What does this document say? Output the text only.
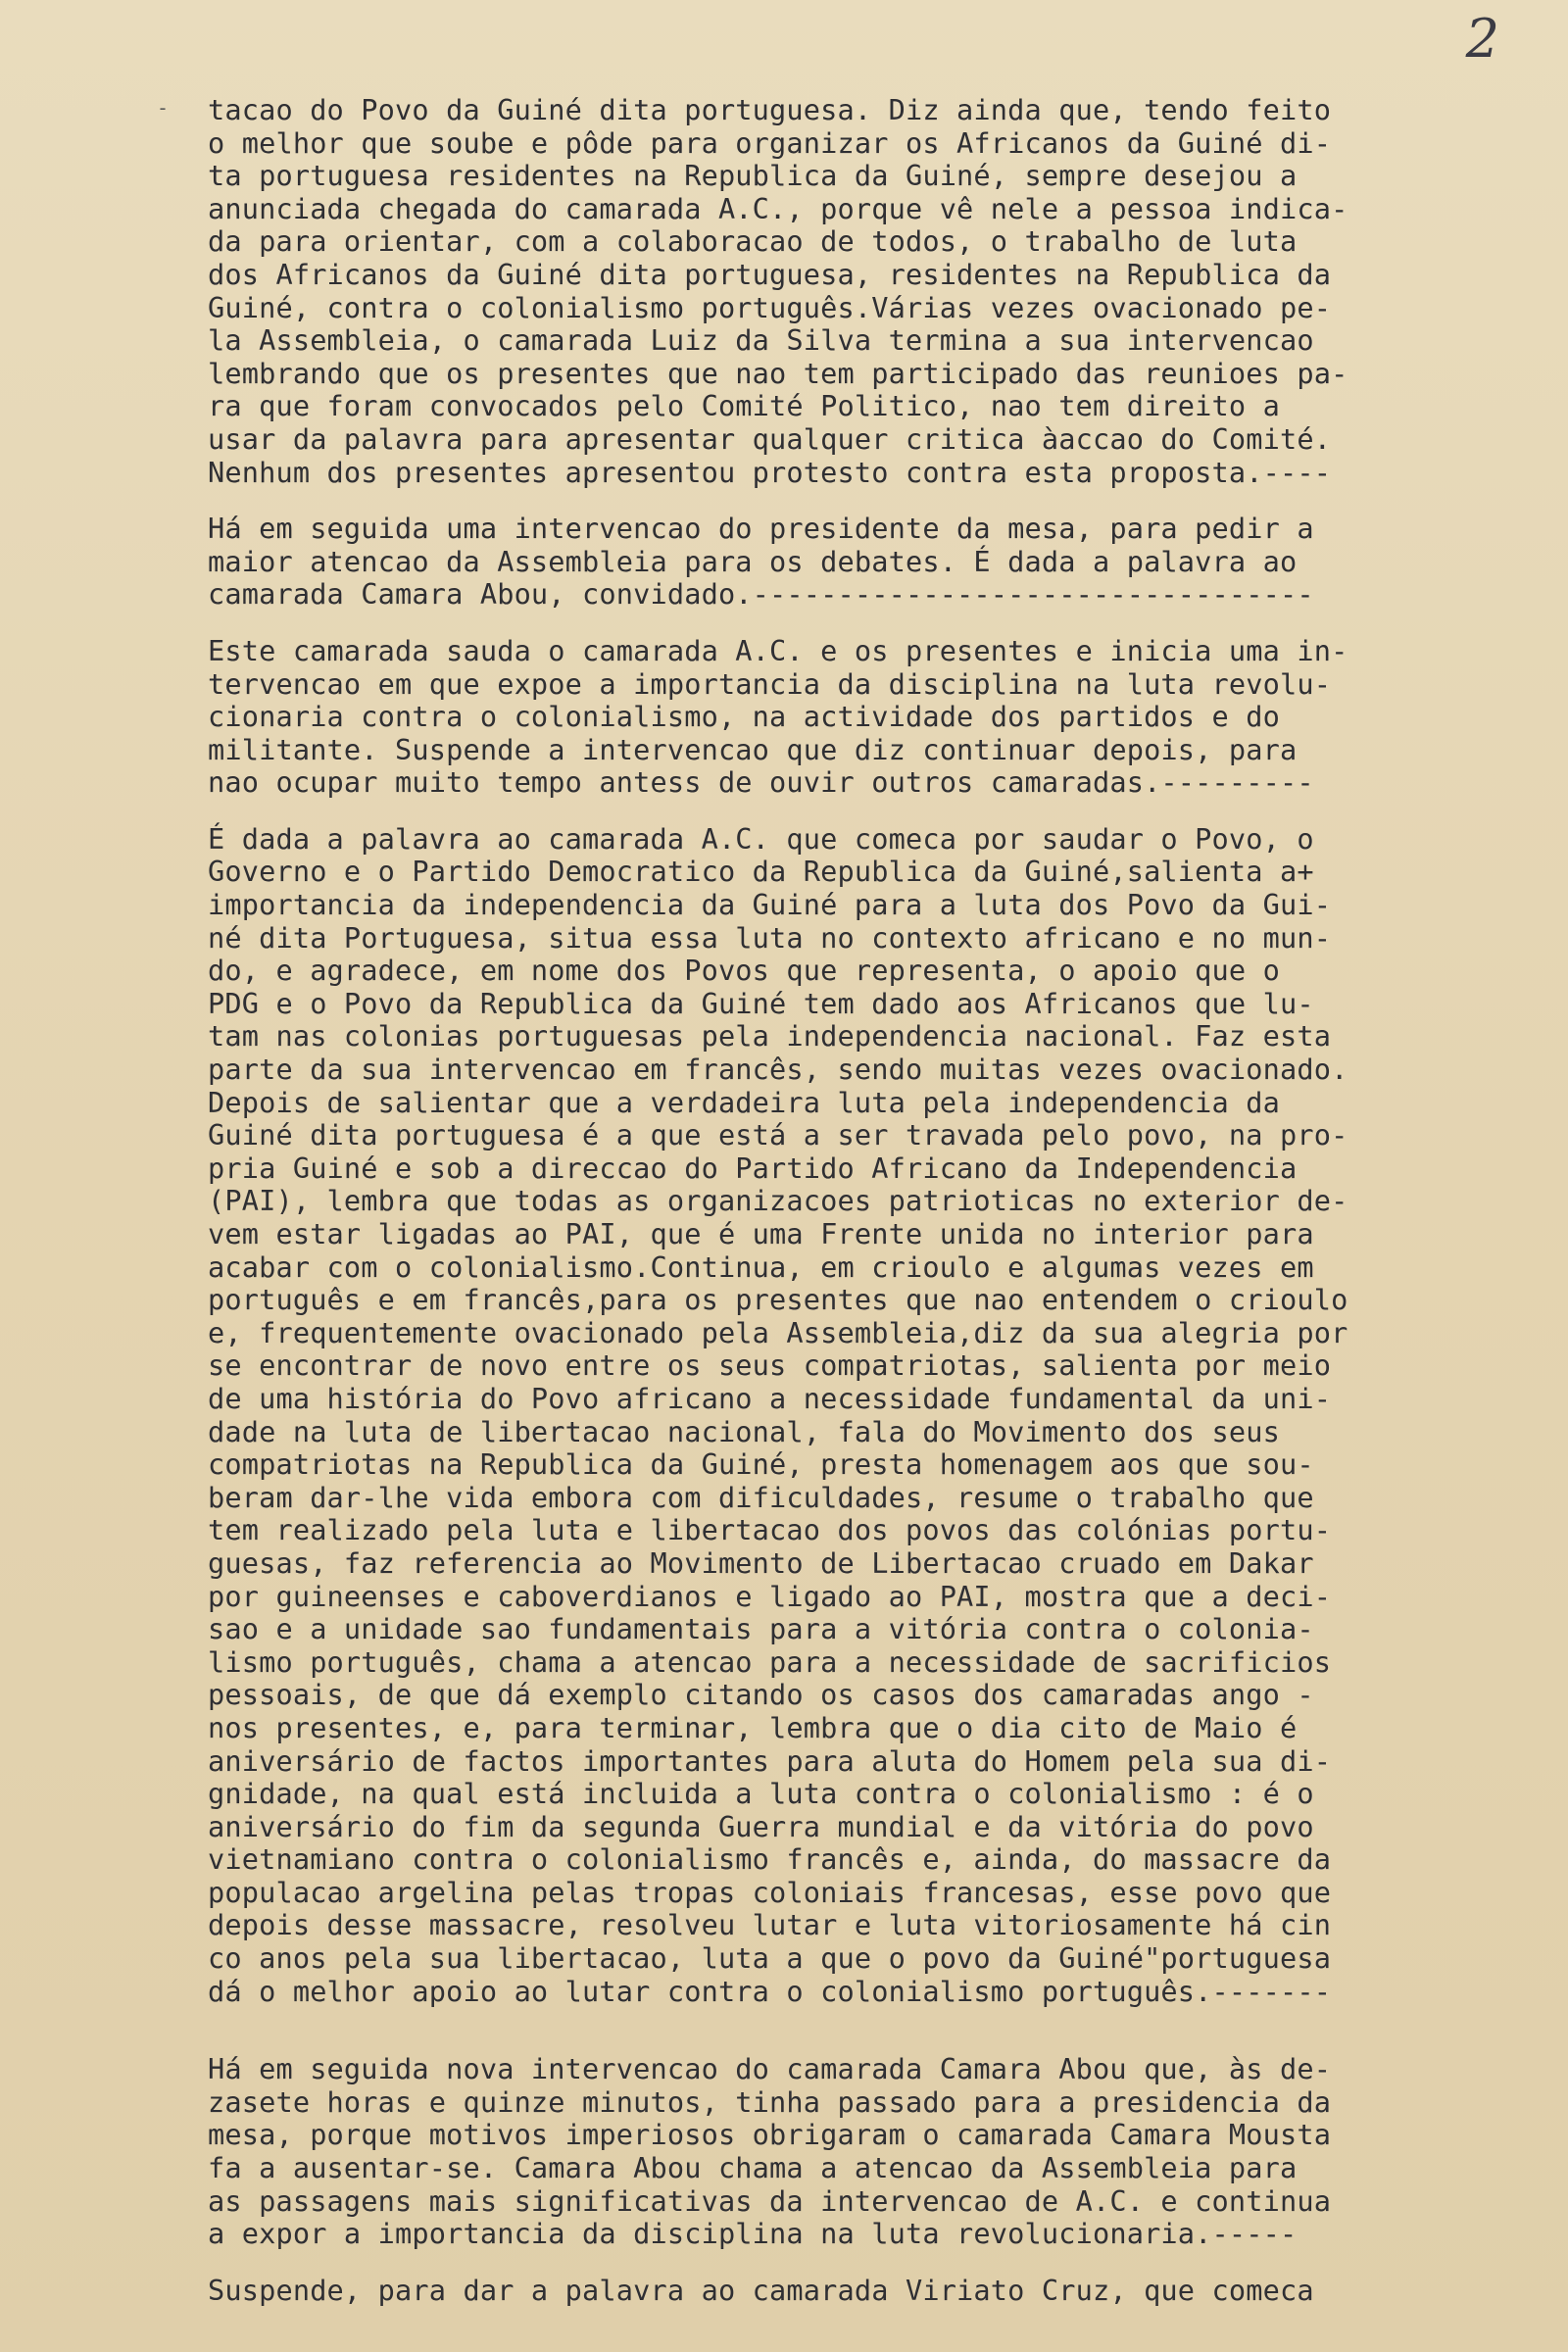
2
- tacao do Povo da Guiné dita portuguesa. Diz ainda que, tendo feito
o melhor que soube e pôde para organizar os Africanos da Guiné di-
ta portuguesa residentes na Republica da Guiné, sempre desejou a
anunciada chegada do camarada A.C., porque vê nele a pessoa indica-
da para orientar, com a colaboracao de todos, o trabalho de luta
dos Africanos da Guiné dita portuguesa, residentes na Republica da
Guiné, contra o colonialismo português.Várias vezes ovacionado pe-
la Assembleia, o camarada Luiz da Silva termina a sua intervencao
lembrando que os presentes que nao tem participado das reunioes pa-
ra que foram convocados pelo Comité Politico, nao tem direito a
usar da palavra para apresentar qualquer critica àaccao do Comité.
Nenhum dos presentes apresentou protesto contra esta proposta.----
Há em seguida uma intervencao do presidente da mesa, para pedir a
maior atencao da Assembleia para os debates. É dada a palavra ao
camarada Camara Abou, convidado.---------------------------------
Este camarada sauda o camarada A.C. e os presentes e inicia uma in-
tervencao em que expoe a importancia da disciplina na luta revolu-
cionaria contra o colonialismo, na actividade dos partidos e do
militante. Suspende a intervencao que diz continuar depois, para
nao ocupar muito tempo antess de ouvir outros camaradas.---------
É dada a palavra ao camarada A.C. que comeca por saudar o Povo, o
Governo e o Partido Democratico da Republica da Guiné,salienta a+
importancia da independencia da Guiné para a luta dos Povo da Gui-
né dita Portuguesa, situa essa luta no contexto africano e no mun-
do, e agradece, em nome dos Povos que representa, o apoio que o
PDG e o Povo da Republica da Guiné tem dado aos Africanos que lu-
tam nas colonias portuguesas pela independencia nacional. Faz esta
parte da sua intervencao em francês, sendo muitas vezes ovacionado.
Depois de salientar que a verdadeira luta pela independencia da
Guiné dita portuguesa é a que está a ser travada pelo povo, na pro-
pria Guiné e sob a direccao do Partido Africano da Independencia
(PAI), lembra que todas as organizacoes patrioticas no exterior de-
vem estar ligadas ao PAI, que é uma Frente unida no interior para
acabar com o colonialismo.Continua, em crioulo e algumas vezes em
português e em francês,para os presentes que nao entendem o crioulo
e, frequentemente ovacionado pela Assembleia,diz da sua alegria por
se encontrar de novo entre os seus compatriotas, salienta por meio
de uma história do Povo africano a necessidade fundamental da uni-
dade na luta de libertacao nacional, fala do Movimento dos seus
compatriotas na Republica da Guiné, presta homenagem aos que sou-
beram dar-lhe vida embora com dificuldades, resume o trabalho que
tem realizado pela luta e libertacao dos povos das colónias portu-
guesas, faz referencia ao Movimento de Libertacao cruado em Dakar
por guineenses e caboverdianos e ligado ao PAI, mostra que a deci-
sao e a unidade sao fundamentais para a vitória contra o colonia-
lismo português, chama a atencao para a necessidade de sacrificios
pessoais, de que dá exemplo citando os casos dos camaradas ango -
nos presentes, e, para terminar, lembra que o dia cito de Maio é
aniversário de factos importantes para aluta do Homem pela sua di-
gnidade, na qual está incluida a luta contra o colonialismo : é o
aniversário do fim da segunda Guerra mundial e da vitória do povo
vietnamiano contra o colonialismo francês e, ainda, do massacre da
populacao argelina pelas tropas coloniais francesas, esse povo que
depois desse massacre, resolveu lutar e luta vitoriosamente há cin
co anos pela sua libertacao, luta a que o povo da Guiné"portuguesa
dá o melhor apoio ao lutar contra o colonialismo português.-------
Há em seguida nova intervencao do camarada Camara Abou que, às de-
zasete horas e quinze minutos, tinha passado para a presidencia da
mesa, porque motivos imperiosos obrigaram o camarada Camara Mousta
fa a ausentar-se. Camara Abou chama a atencao da Assembleia para
as passagens mais significativas da intervencao de A.C. e continua
a expor a importancia da disciplina na luta revolucionaria.-----
Suspende, para dar a palavra ao camarada Viriato Cruz, que comeca
